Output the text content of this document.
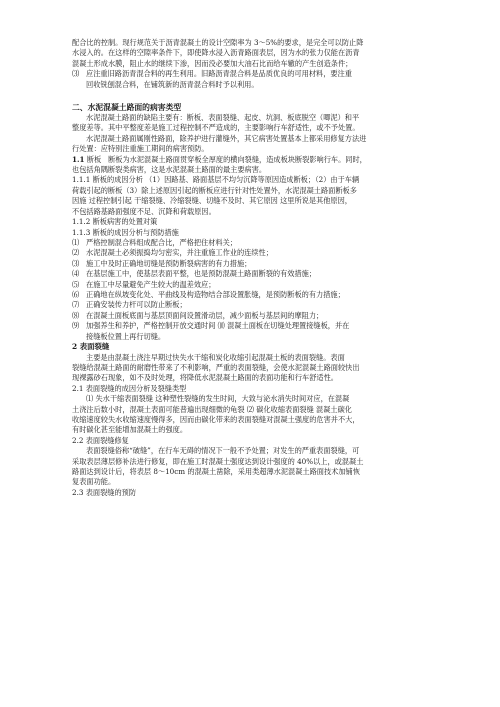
配合比的控制。现行规范关于沥青混凝土的设计空隙率为 3～5%的要求，是完全可以防止降

水浸入的。在这样的空隙率条件下，即使降水浸入沥青路面表层，因为水的张力仅能在沥青

混凝土形成水膜，阻止水的继续下渗，因而没必要加大油石比而给车辙的产生创造条件；

⑶ 应注重旧路沥青混合料的再生利用。旧路沥青混合料是品质优良的可用材料，要注重
回收铣刨混合料，在铺筑新的沥青混合料时予以利用。

二、水泥混凝土路面的病害类型

水泥混凝土路面的缺陷主要有：断板、表面裂缝、起皮、坑洞、板底脱空（唧泥）和平

整度差等。其中平整度差是施工过程控制不严造成的，主要影响行车舒适性，或不予处置。

水泥混凝土路面属刚性路面，除养护进行灌缝外，其它病害处置基本上都采用修复方法进

行处置：应特别注重施工期间的病害预防。

1.1 断板 断板为水泥混凝土路面贯穿板全厚度的横向裂缝，造成板块断裂影响行车。同时，

也包括角隅断裂类病害，这是水泥混凝土路面的最主要病害。

1.1.1 断板的成因分析 （1）因路基、路面基层不均匀沉降等原因造成断板；（2）由于车辆

荷载引起的断板（3）除上述原因引起的断板应进行针对性处置外，水泥混凝土路面断板多

因施 过程控制引起 干缩裂缝、冷缩裂缝、切缝不及时、其它原因 这里所说是其他原因，

不包括路基路面强度不足、沉降和荷载原因。

1.1.2 断板病害的处置对策

1.1.3 断板的成因分析与预防措施

⑴ 严格控制混合料组成配合比，严格把住材料关；
⑵ 水泥混凝土必须振捣均匀密实，并注重施工作业的连续性；
⑶ 施工中及时正确地切缝是预防断裂病害的有力措施；
⑷ 在基层施工中，使基层表面平整，也是预防混凝土路面断裂的有效措施；
⑸ 在施工中尽量避免产生较大的温差效应；
⑹ 正确地在纵坡变化处、平曲线及构造物结合部设置胀缝，是预防断板的有力措施；
⑺ 正确安装传力杆可以防止断板；
⑻ 在混凝土面板底面与基层顶面间设置滑动层，减少面板与基层间的摩阻力；
⑼ 加强养生和养护，严格控制开放交通时间 ⑽ 混凝土面板在切缝处理置接缝板，并在
接缝板位置上再行切缝。

2 表面裂缝

主要是由混凝土浇注早期过快失水干缩和炭化收缩引起混凝土板的表面裂缝。表面

裂缝给混凝土路面的耐磨性带来了不利影响，严重的表面裂缝，会使水泥混凝土路面较快出

现裸露砂石现象，如不及时处理，将降低水泥混凝土路面的表面功能和行车舒适性。

2.1 表面裂缝的成因分析及裂缝类型

⑴ 失水干缩表面裂缝 这种塑性裂缝的发生时间，大致与泌水消失时间对应，在混凝

土浇注后数小时，混凝土表面可能普遍出现细微的龟裂 ⑵ 碳化收缩表面裂缝 混凝土碳化

收缩速度较失水收缩速度慢得多，因而由碳化带来的表面裂缝对混凝土强度的危害并不大，

有时碳化甚至能增加混凝土的强度。

2.2 表面裂缝修复

表面裂缝俗称“破缝”，在行车无碍的情况下一般不予处置；对发生的严重表面裂缝，可

采取表层薄层修补法进行修复，即在施工时混凝土强度达到设计强度的 40%以上，或混凝土

路面达到设计后，将表层 8～10cm 的混凝土凿除，采用类超薄水泥混凝土路面技术加铺恢

复表面功能。

2.3 表面裂缝的预防
